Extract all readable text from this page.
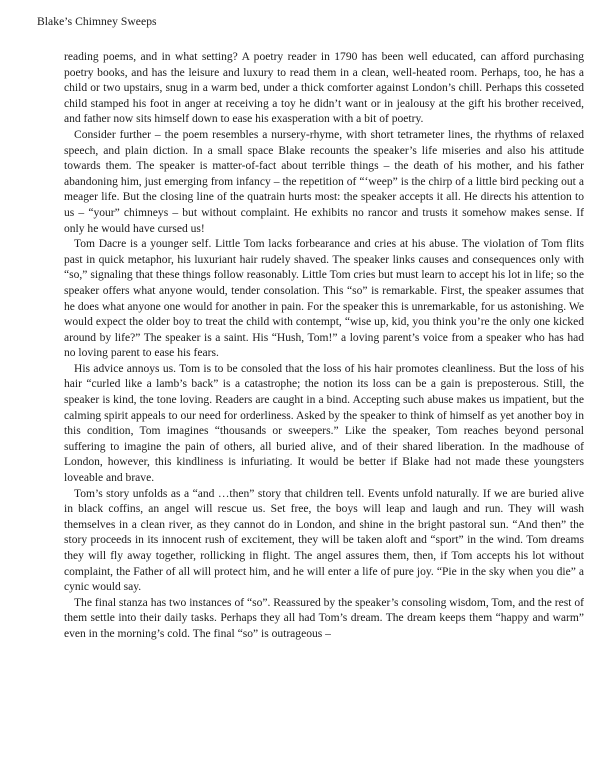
Blake’s Chimney Sweeps

reading poems, and in what setting? A poetry reader in 1790 has been well educated, can afford purchasing poetry books, and has the leisure and luxury to read them in a clean, well-heated room. Perhaps, too, he has a child or two upstairs, snug in a warm bed, under a thick comforter against London’s chill. Perhaps this cosseted child stamped his foot in anger at receiving a toy he didn’t want or in jealousy at the gift his brother received, and father now sits himself down to ease his exasperation with a bit of poetry.

Consider further – the poem resembles a nursery-rhyme, with short tetrameter lines, the rhythms of relaxed speech, and plain diction. In a small space Blake recounts the speaker’s life miseries and also his attitude towards them. The speaker is matter-of-fact about terrible things – the death of his mother, and his father abandoning him, just emerging from infancy – the repetition of “‘weep” is the chirp of a little bird pecking out a meager life. But the closing line of the quatrain hurts most: the speaker accepts it all. He directs his attention to us – “your” chimneys – but without complaint. He exhibits no rancor and trusts it somehow makes sense. If only he would have cursed us!

Tom Dacre is a younger self. Little Tom lacks forbearance and cries at his abuse. The violation of Tom flits past in quick metaphor, his luxuriant hair rudely shaved. The speaker links causes and consequences only with “so,” signaling that these things follow reasonably. Little Tom cries but must learn to accept his lot in life; so the speaker offers what anyone would, tender consolation. This “so” is remarkable. First, the speaker assumes that he does what anyone one would for another in pain. For the speaker this is unremarkable, for us astonishing. We would expect the older boy to treat the child with contempt, “wise up, kid, you think you’re the only one kicked around by life?” The speaker is a saint. His “Hush, Tom!” a loving parent’s voice from a speaker who has had no loving parent to ease his fears.

His advice annoys us. Tom is to be consoled that the loss of his hair promotes cleanliness. But the loss of his hair “curled like a lamb’s back” is a catastrophe; the notion its loss can be a gain is preposterous. Still, the speaker is kind, the tone loving. Readers are caught in a bind. Accepting such abuse makes us impatient, but the calming spirit appeals to our need for orderliness. Asked by the speaker to think of himself as yet another boy in this condition, Tom imagines “thousands or sweepers.” Like the speaker, Tom reaches beyond personal suffering to imagine the pain of others, all buried alive, and of their shared liberation. In the madhouse of London, however, this kindliness is infuriating. It would be better if Blake had not made these youngsters loveable and brave.

Tom’s story unfolds as a “and …then” story that children tell. Events unfold naturally. If we are buried alive in black coffins, an angel will rescue us. Set free, the boys will leap and laugh and run. They will wash themselves in a clean river, as they cannot do in London, and shine in the bright pastoral sun. “And then” the story proceeds in its innocent rush of excitement, they will be taken aloft and “sport” in the wind. Tom dreams they will fly away together, rollicking in flight. The angel assures them, then, if Tom accepts his lot without complaint, the Father of all will protect him, and he will enter a life of pure joy. “Pie in the sky when you die” a cynic would say.

The final stanza has two instances of “so”. Reassured by the speaker’s consoling wisdom, Tom, and the rest of them settle into their daily tasks. Perhaps they all had Tom’s dream. The dream keeps them “happy and warm” even in the morning’s cold. The final “so” is outrageous –
